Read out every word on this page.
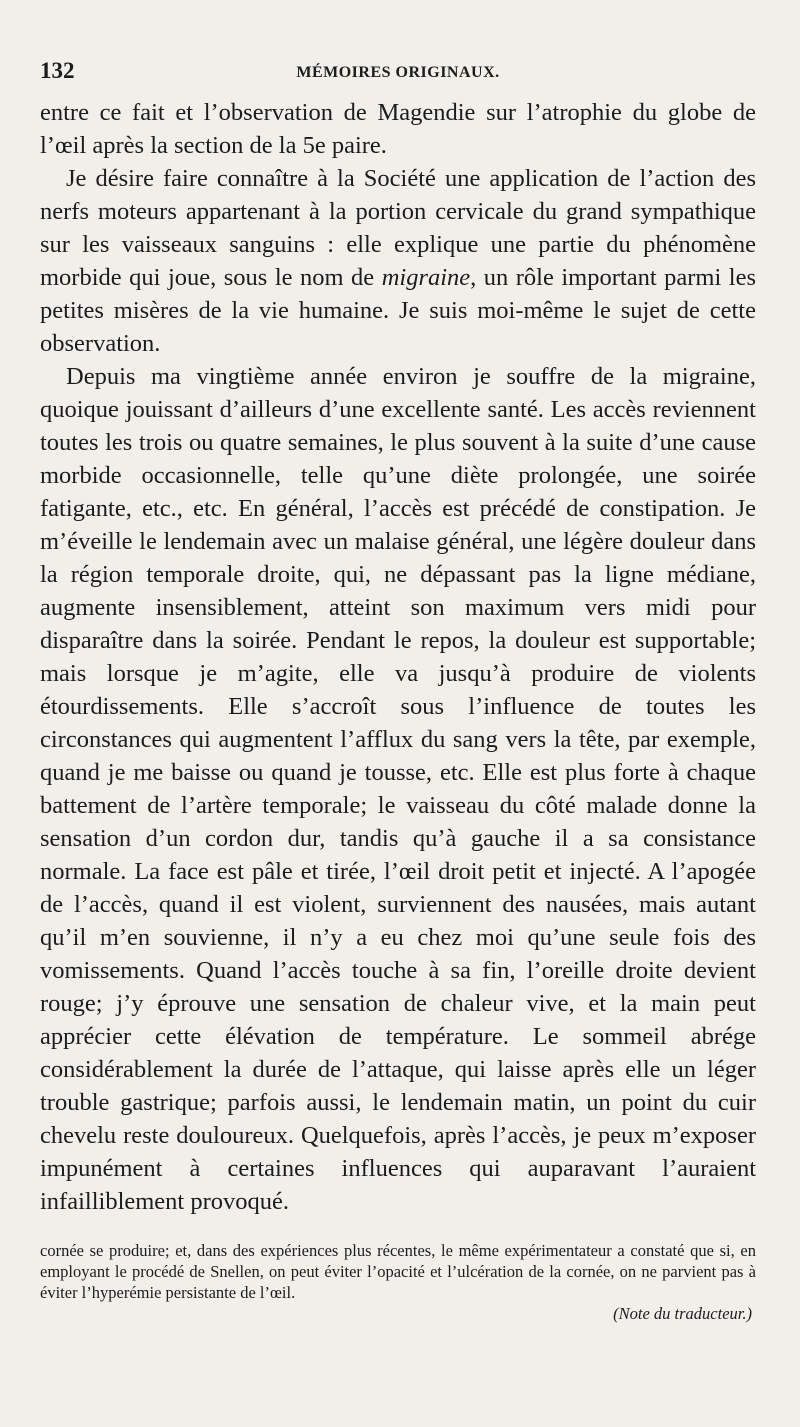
132	MÉMOIRES ORIGINAUX.

entre ce fait et l’observation de Magendie sur l’atrophie du globe de l’œil après la section de la 5e paire.

Je désire faire connaître à la Société une application de l’action des nerfs moteurs appartenant à la portion cervicale du grand sympathique sur les vaisseaux sanguins : elle explique une partie du phénomène morbide qui joue, sous le nom de migraine, un rôle important parmi les petites misères de la vie humaine. Je suis moi-même le sujet de cette observation.

Depuis ma vingtième année environ je souffre de la migraine, quoique jouissant d’ailleurs d’une excellente santé. Les accès reviennent toutes les trois ou quatre semaines, le plus souvent à la suite d’une cause morbide occasionnelle, telle qu’une diète prolongée, une soirée fatigante, etc., etc. En général, l’accès est précédé de constipation. Je m’éveille le lendemain avec un malaise général, une légère douleur dans la région temporale droite, qui, ne dépassant pas la ligne médiane, augmente insensiblement, atteint son maximum vers midi pour disparaître dans la soirée. Pendant le repos, la douleur est supportable; mais lorsque je m’agite, elle va jusqu’à produire de violents étourdissements. Elle s’accroît sous l’influence de toutes les circonstances qui augmentent l’afflux du sang vers la tête, par exemple, quand je me baisse ou quand je tousse, etc. Elle est plus forte à chaque battement de l’artère temporale; le vaisseau du côté malade donne la sensation d’un cordon dur, tandis qu’à gauche il a sa consistance normale. La face est pâle et tirée, l’œil droit petit et injecté. A l’apogée de l’accès, quand il est violent, surviennent des nausées, mais autant qu’il m’en souvienne, il n’y a eu chez moi qu’une seule fois des vomissements. Quand l’accès touche à sa fin, l’oreille droite devient rouge; j’y éprouve une sensation de chaleur vive, et la main peut apprécier cette élévation de température. Le sommeil abrége considérablement la durée de l’attaque, qui laisse après elle un léger trouble gastrique; parfois aussi, le lendemain matin, un point du cuir chevelu reste douloureux. Quelquefois, après l’accès, je peux m’exposer impunément à certaines influences qui auparavant l’auraient infailliblement provoqué.

cornée se produire; et, dans des expériences plus récentes, le même expérimentateur a constaté que si, en employant le procédé de Snellen, on peut éviter l’opacité et l’ulcération de la cornée, on ne parvient pas à éviter l’hyperémie persistante de l’œil.

(Note du traducteur.)
